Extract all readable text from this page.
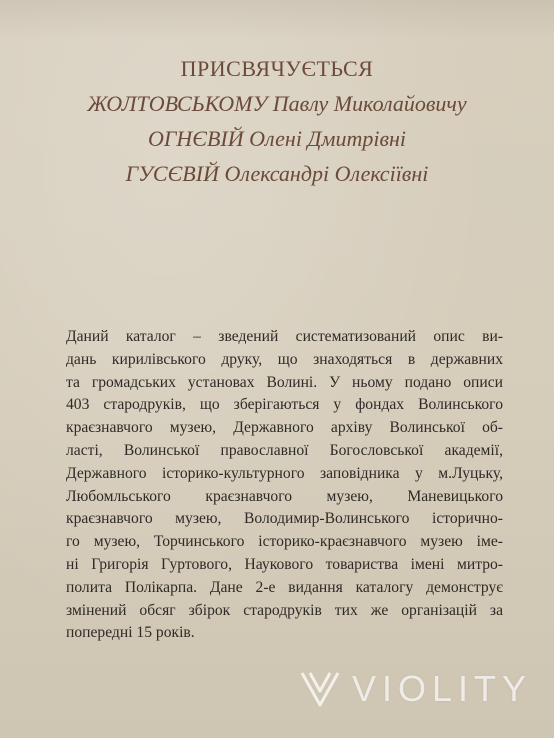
ПРИСВЯЧУЄТЬСЯ

ЖОЛТОВСЬКОМУ Павлу Миколайовичу

ОГНЄВІЙ Олені Дмитрівні

ГУСЄВІЙ Олександрі Олексіївні

Даний каталог – зведений систематизований опис ви-
дань кирилівського друку, що знаходяться в державних
та громадських установах Волині. У ньому подано описи
403 стародруків, що зберігаються у фондах Волинського
краєзнавчого музею, Державного архіву Волинської об-
ласті, Волинської православної Богословської академії,
Державного історико-культурного заповідника у м.Луцьку,
Любомльського краєзнавчого музею, Маневицького
краєзнавчого музею, Володимир-Волинського історично-
го музею, Торчинського історико-краєзнавчого музею іме-
ні Григорія Гуртового, Наукового товариства імені митро-
полита Полікарпа. Дане 2-е видання каталогу демонструє
змінений обсяг збірок стародруків тих же організацій за
попередні 15 років.
VIOLITY
